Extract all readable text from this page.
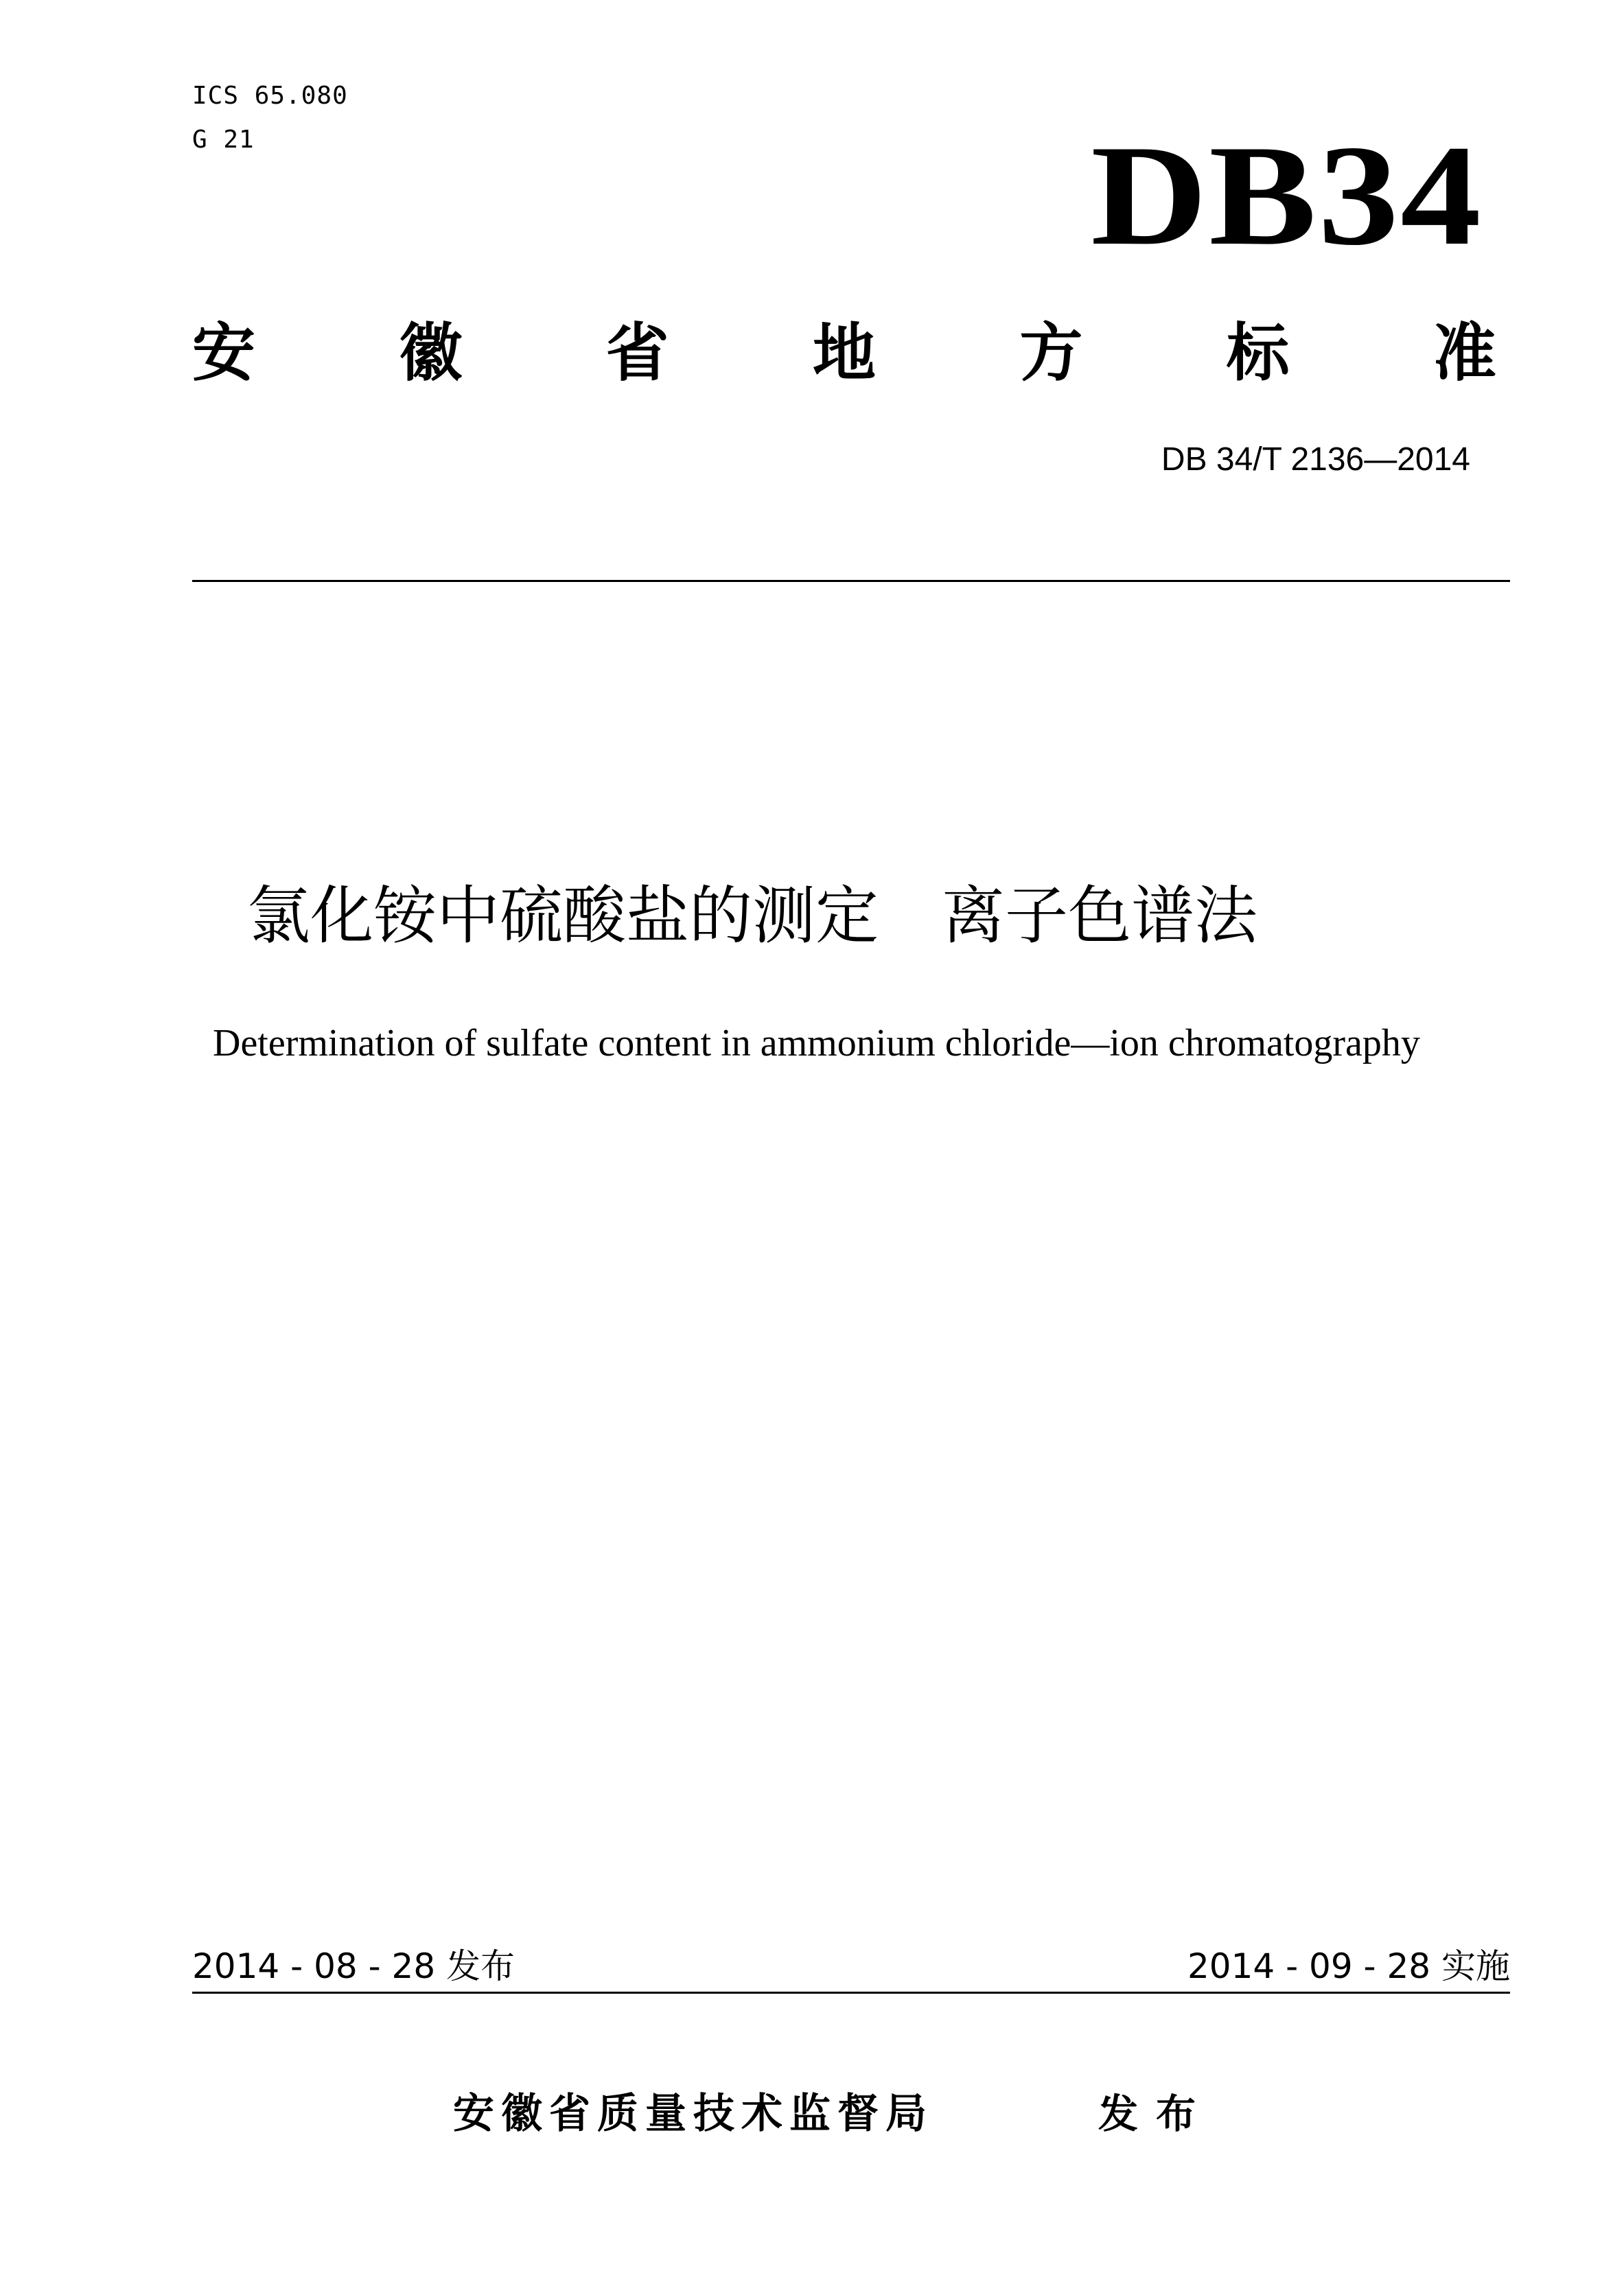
ICS 65.080
G 21	DB34
安 徽 省 地 方 标 准
DB 34/T 2136—2014
氯化铵中硫酸盐的测定　离子色谱法
Determination of sulfate content in ammonium chloride—ion chromatography
2014 - 08 - 28 发布	2014 - 09 - 28 实施
安徽省质量技术监督局	发布
